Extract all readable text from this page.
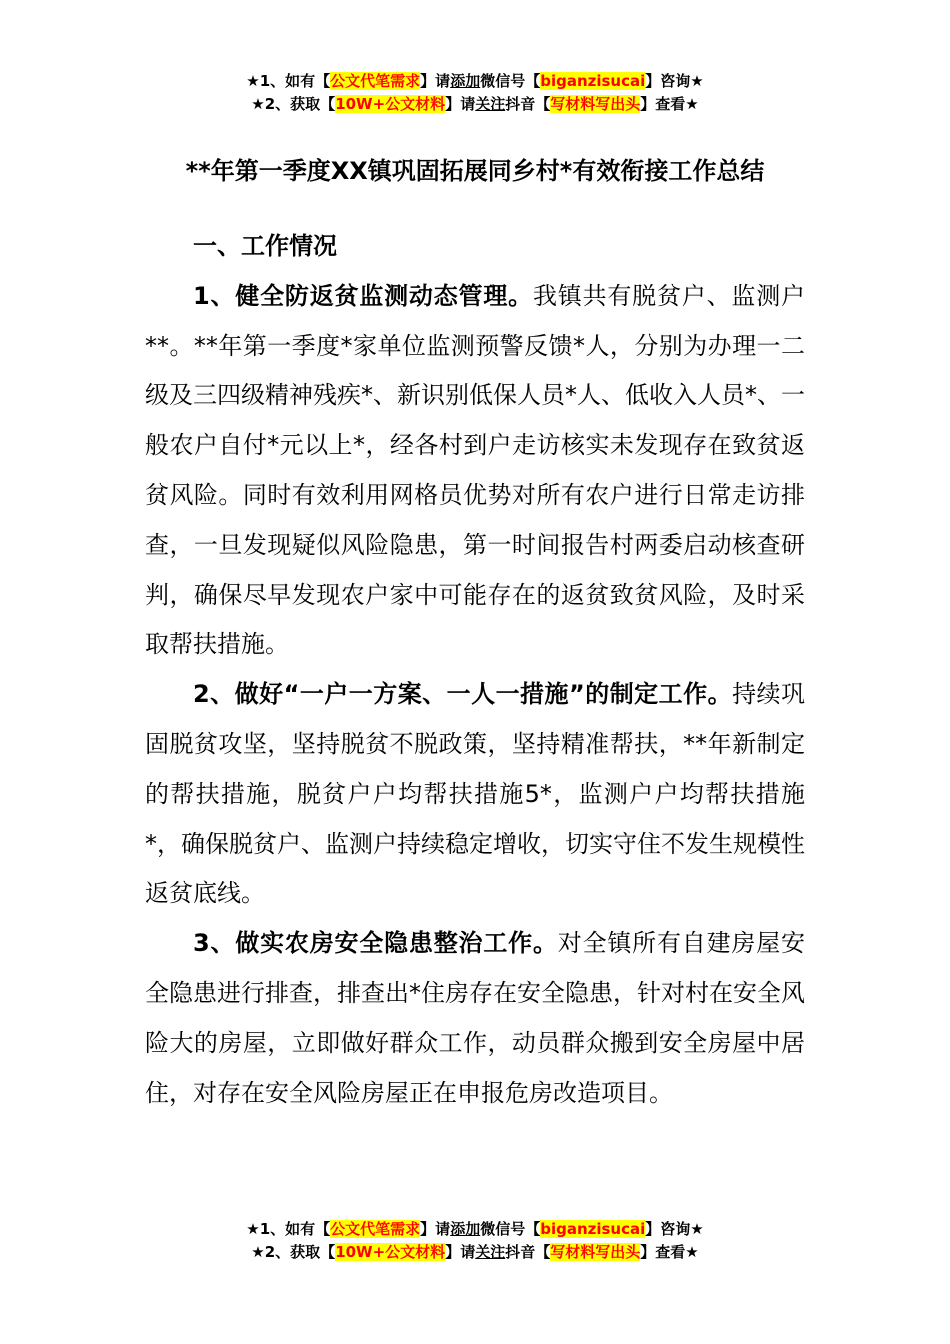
★1、如有【公文代笔需求】请添加微信号【biganzisucai】咨询★
★2、获取【10W+公文材料】请关注抖音【写材料写出头】查看★
**年第一季度XX镇巩固拓展同乡村*有效衔接工作总结

一、工作情况

1、健全防返贫监测动态管理。我镇共有脱贫户、监测户**。**年第一季度*家单位监测预警反馈*人，分别为办理一二级及三四级精神残疾*、新识别低保人员*人、低收入人员*、一般农户自付*元以上*，经各村到户走访核实未发现存在致贫返贫风险。同时有效利用网格员优势对所有农户进行日常走访排查，一旦发现疑似风险隐患，第一时间报告村两委启动核查研判，确保尽早发现农户家中可能存在的返贫致贫风险，及时采取帮扶措施。

2、做好“一户一方案、一人一措施”的制定工作。持续巩固脱贫攻坚，坚持脱贫不脱政策，坚持精准帮扶，**年新制定的帮扶措施，脱贫户户均帮扶措施5*，监测户户均帮扶措施*，确保脱贫户、监测户持续稳定增收，切实守住不发生规模性返贫底线。

3、做实农房安全隐患整治工作。对全镇所有自建房屋安全隐患进行排查，排查出*住房存在安全隐患，针对村在安全风险大的房屋，立即做好群众工作，动员群众搬到安全房屋中居住，对存在安全风险房屋正在申报危房改造项目。

★1、如有【公文代笔需求】请添加微信号【biganzisucai】咨询★
★2、获取【10W+公文材料】请关注抖音【写材料写出头】查看★
